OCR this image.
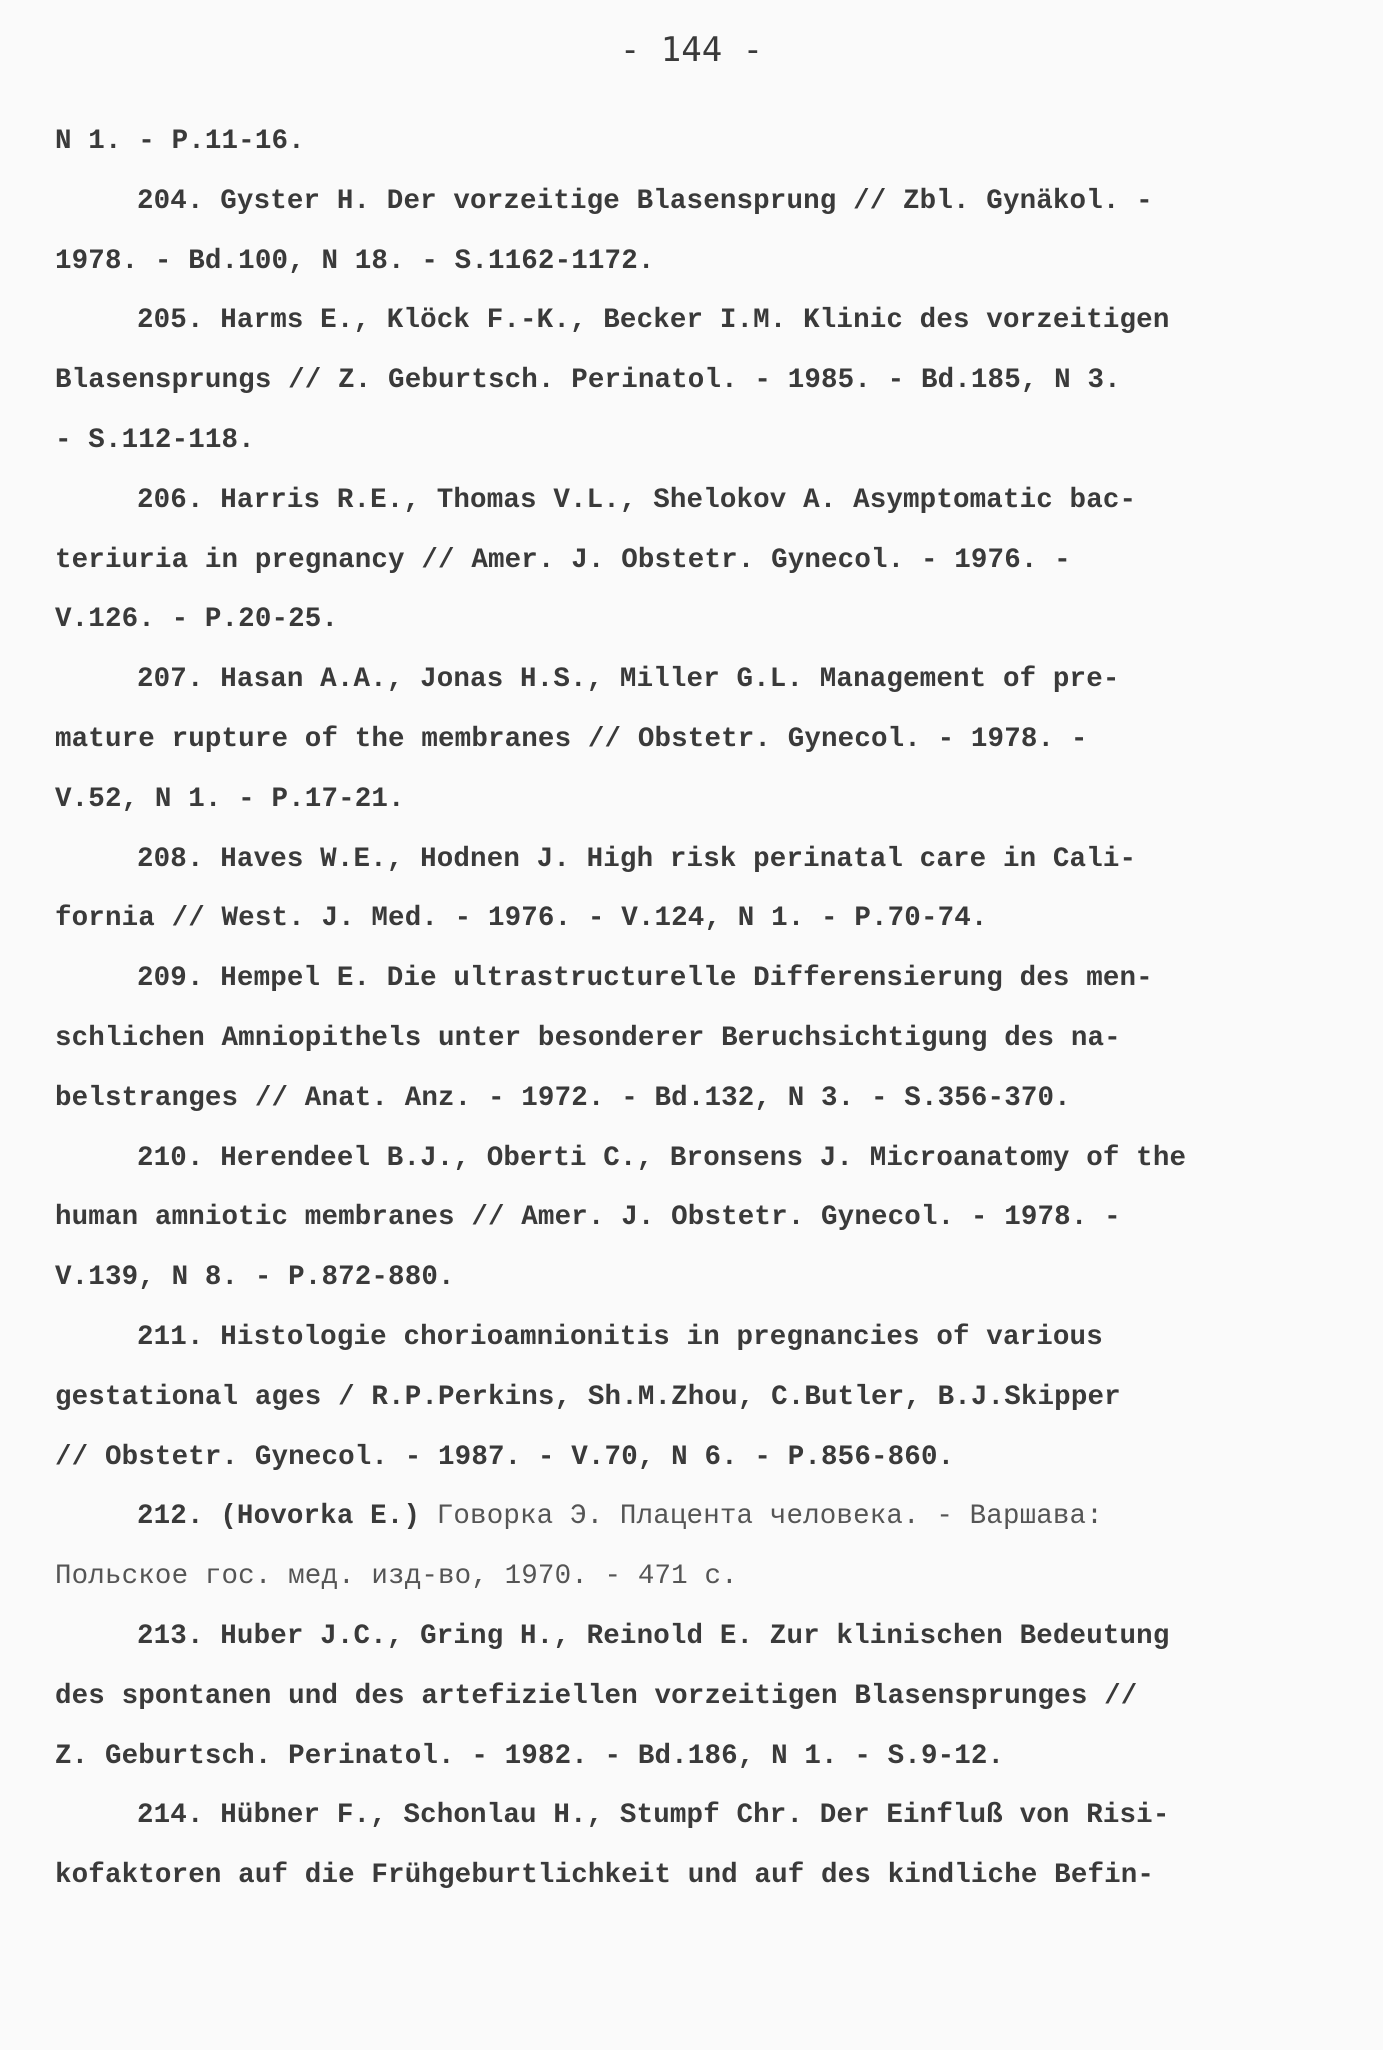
- 144 -
N 1. - P.11-16.
204. Gyster H. Der vorzeitige Blasensprung // Zbl. Gynäkol. -
1978. - Bd.100, N 18. - S.1162-1172.
205. Harms E., Klöck F.-K., Becker I.M. Klinic des vorzeitigen
Blasensprungs // Z. Geburtsch. Perinatol. - 1985. - Bd.185, N 3.
- S.112-118.
206. Harris R.E., Thomas V.L., Shelokov A. Asymptomatic bac-
teriuria in pregnancy // Amer. J. Obstetr. Gynecol. - 1976. -
V.126. - P.20-25.
207. Hasan A.A., Jonas H.S., Miller G.L. Management of pre-
mature rupture of the membranes // Obstetr. Gynecol. - 1978. -
V.52, N 1. - P.17-21.
208. Haves W.E., Hodnen J. High risk perinatal care in Cali-
fornia // West. J. Med. - 1976. - V.124, N 1. - P.70-74.
209. Hempel E. Die ultrastructurelle Differensierung des men-
schlichen Amniopithels unter besonderer Beruchsichtigung des na-
belstranges // Anat. Anz. - 1972. - Bd.132, N 3. - S.356-370.
210. Herendeel B.J., Oberti C., Bronsens J. Microanatomy of the
human amniotic membranes // Amer. J. Obstetr. Gynecol. - 1978. -
V.139, N 8. - P.872-880.
211. Histologie chorioamnionitis in pregnancies of various
gestational ages / R.P.Perkins, Sh.M.Zhou, C.Butler, B.J.Skipper
// Obstetr. Gynecol. - 1987. - V.70, N 6. - P.856-860.
212. (Hovorka E.) Говорка Э. Плацента человека. - Варшава:
Польское гос. мед. изд-во, 1970. - 471 с.
213. Huber J.C., Gring H., Reinold E. Zur klinischen Bedeutung
des spontanen und des artefiziellen vorzeitigen Blasensprunges //
Z. Geburtsch. Perinatol. - 1982. - Bd.186, N 1. - S.9-12.
214. Hübner F., Schonlau H., Stumpf Chr. Der Einfluß von Risi-
kofaktoren auf die Frühgeburtlichkeit und auf des kindliche Befin-
